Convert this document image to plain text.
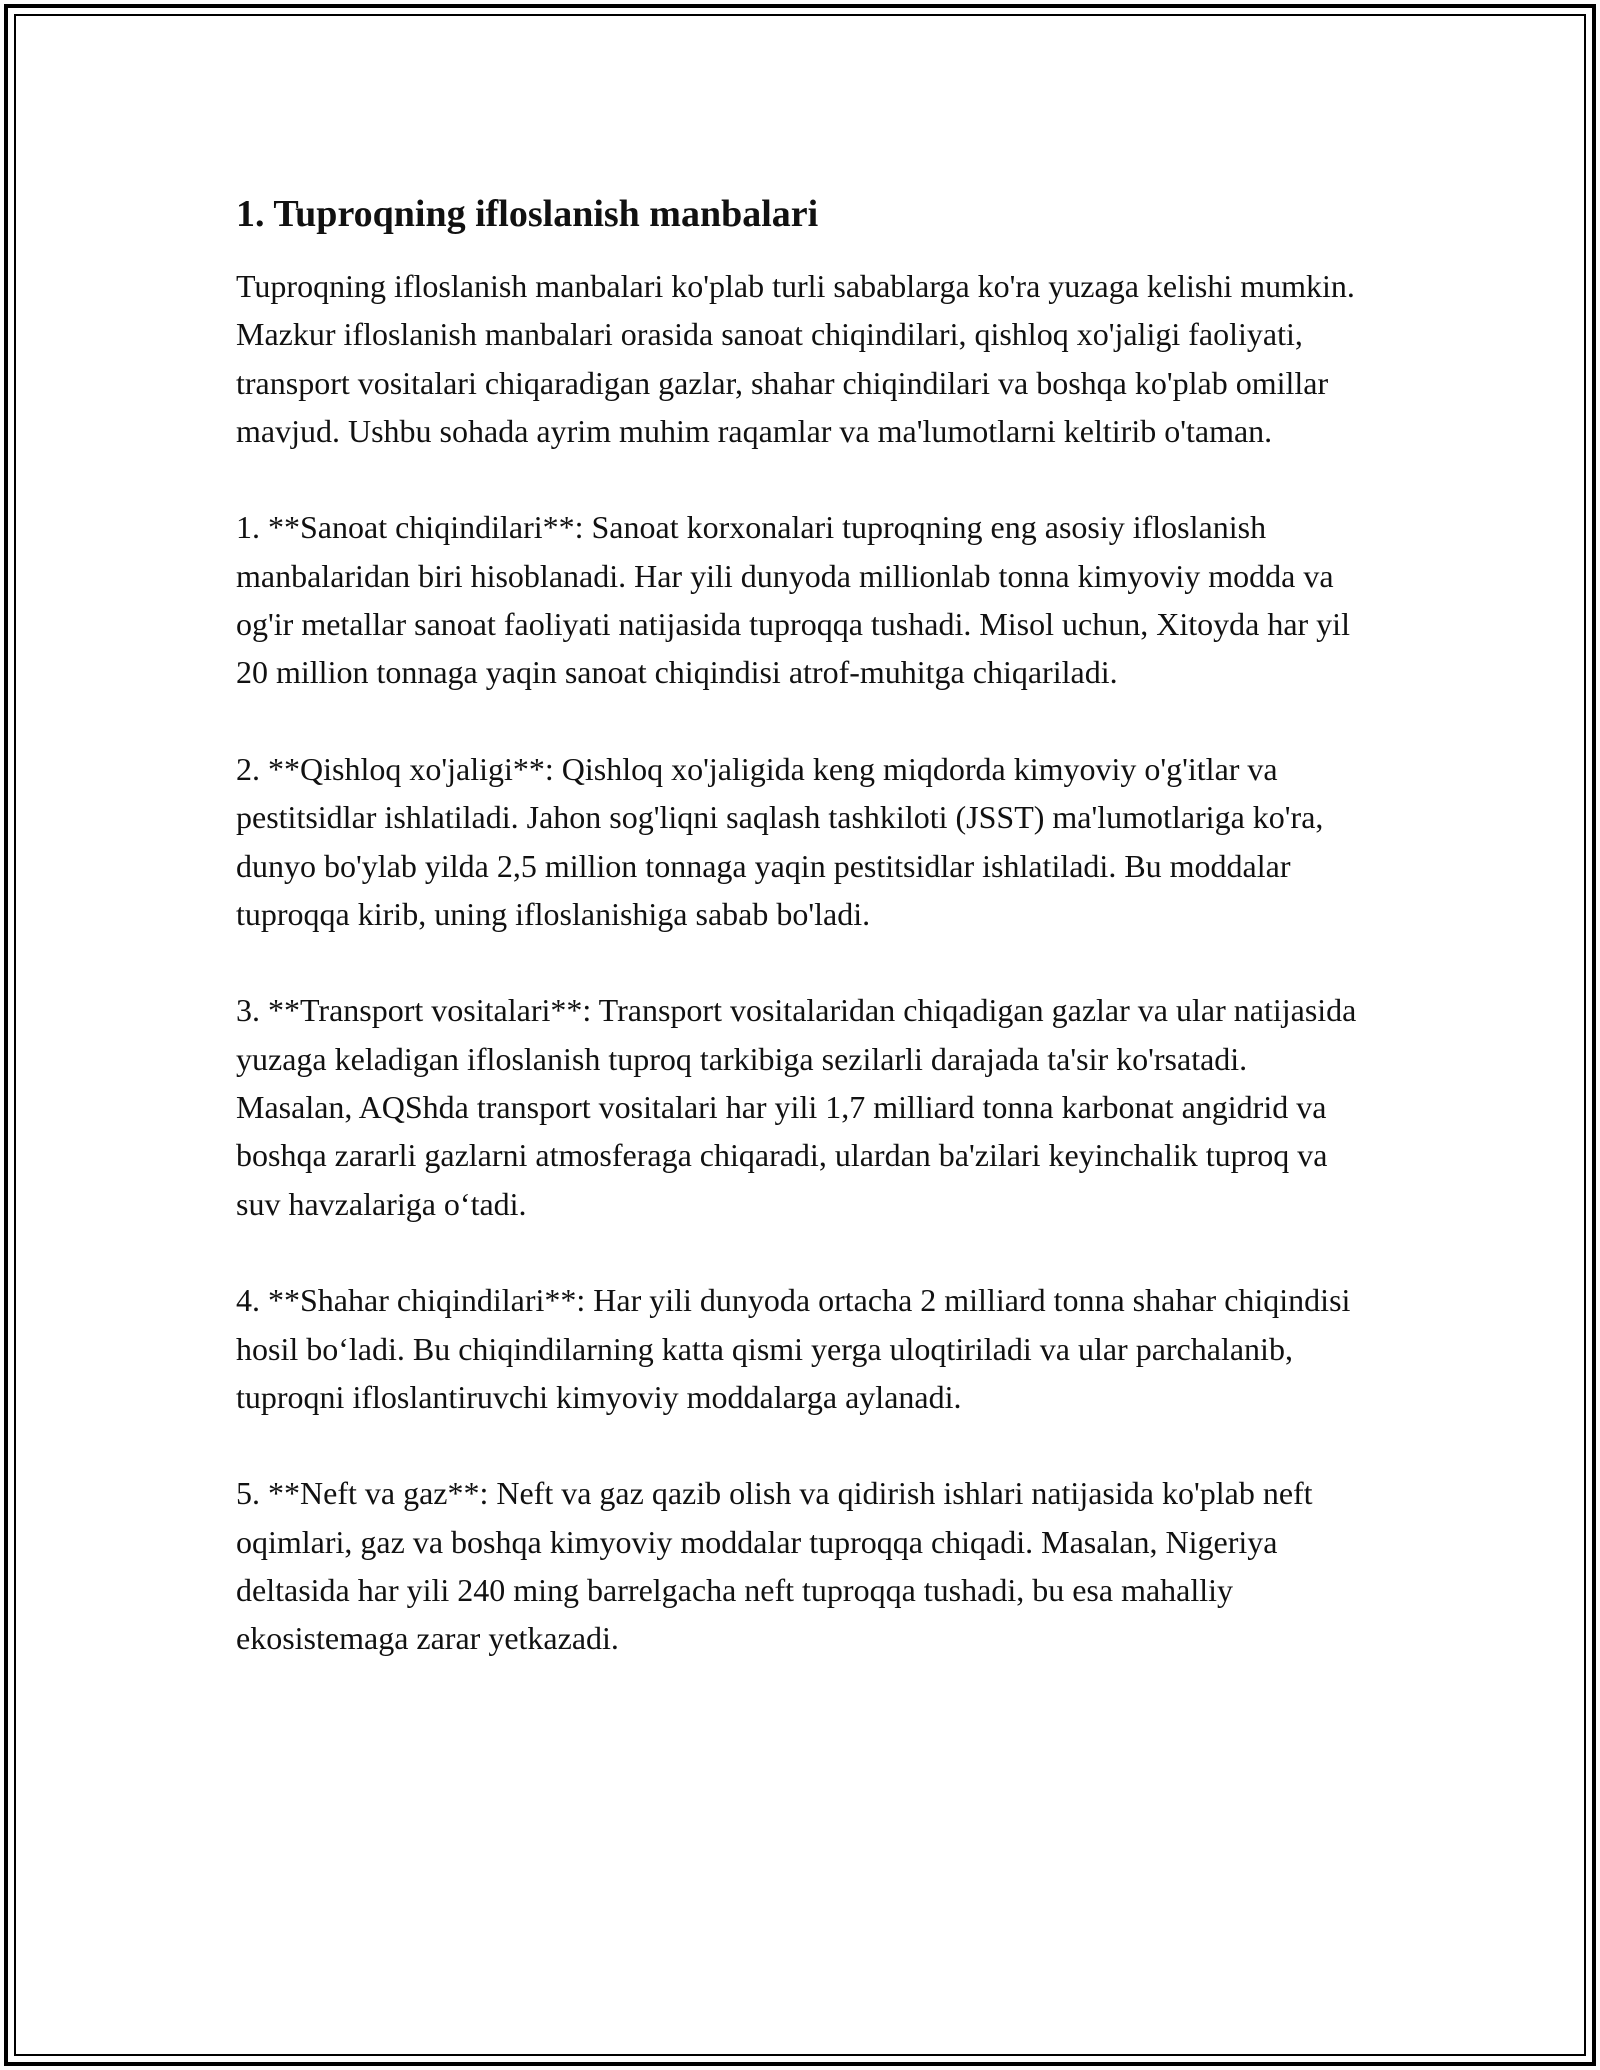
1. Tuproqning ifloslanish manbalari

Tuproqning ifloslanish manbalari ko'plab turli sabablarga ko'ra yuzaga kelishi mumkin. Mazkur ifloslanish manbalari orasida sanoat chiqindilari, qishloq xo'jaligi faoliyati, transport vositalari chiqaradigan gazlar, shahar chiqindilari va boshqa ko'plab omillar mavjud. Ushbu sohada ayrim muhim raqamlar va ma'lumotlarni keltirib o'taman.

1. **Sanoat chiqindilari**: Sanoat korxonalari tuproqning eng asosiy ifloslanish manbalaridan biri hisoblanadi. Har yili dunyoda millionlab tonna kimyoviy modda va og'ir metallar sanoat faoliyati natijasida tuproqqa tushadi. Misol uchun, Xitoyda har yil 20 million tonnaga yaqin sanoat chiqindisi atrof-muhitga chiqariladi.

2. **Qishloq xo'jaligi**: Qishloq xo'jaligida keng miqdorda kimyoviy o'g'itlar va pestitsidlar ishlatiladi. Jahon sog'liqni saqlash tashkiloti (JSST) ma'lumotlariga ko'ra, dunyo bo'ylab yilda 2,5 million tonnaga yaqin pestitsidlar ishlatiladi. Bu moddalar tuproqqa kirib, uning ifloslanishiga sabab bo'ladi.

3. **Transport vositalari**: Transport vositalaridan chiqadigan gazlar va ular natijasida yuzaga keladigan ifloslanish tuproq tarkibiga sezilarli darajada ta'sir ko'rsatadi. Masalan, AQShda transport vositalari har yili 1,7 milliard tonna karbonat angidrid va boshqa zararli gazlarni atmosferaga chiqaradi, ulardan ba'zilari keyinchalik tuproq va suv havzalariga o‘tadi.

4. **Shahar chiqindilari**: Har yili dunyoda ortacha 2 milliard tonna shahar chiqindisi hosil bo‘ladi. Bu chiqindilarning katta qismi yerga uloqtiriladi va ular parchalanib, tuproqni ifloslantiruvchi kimyoviy moddalarga aylanadi.

5. **Neft va gaz**: Neft va gaz qazib olish va qidirish ishlari natijasida ko'plab neft oqimlari, gaz va boshqa kimyoviy moddalar tuproqqa chiqadi. Masalan, Nigeriya deltasida har yili 240 ming barrelgacha neft tuproqqa tushadi, bu esa mahalliy ekosistemaga zarar yetkazadi.
